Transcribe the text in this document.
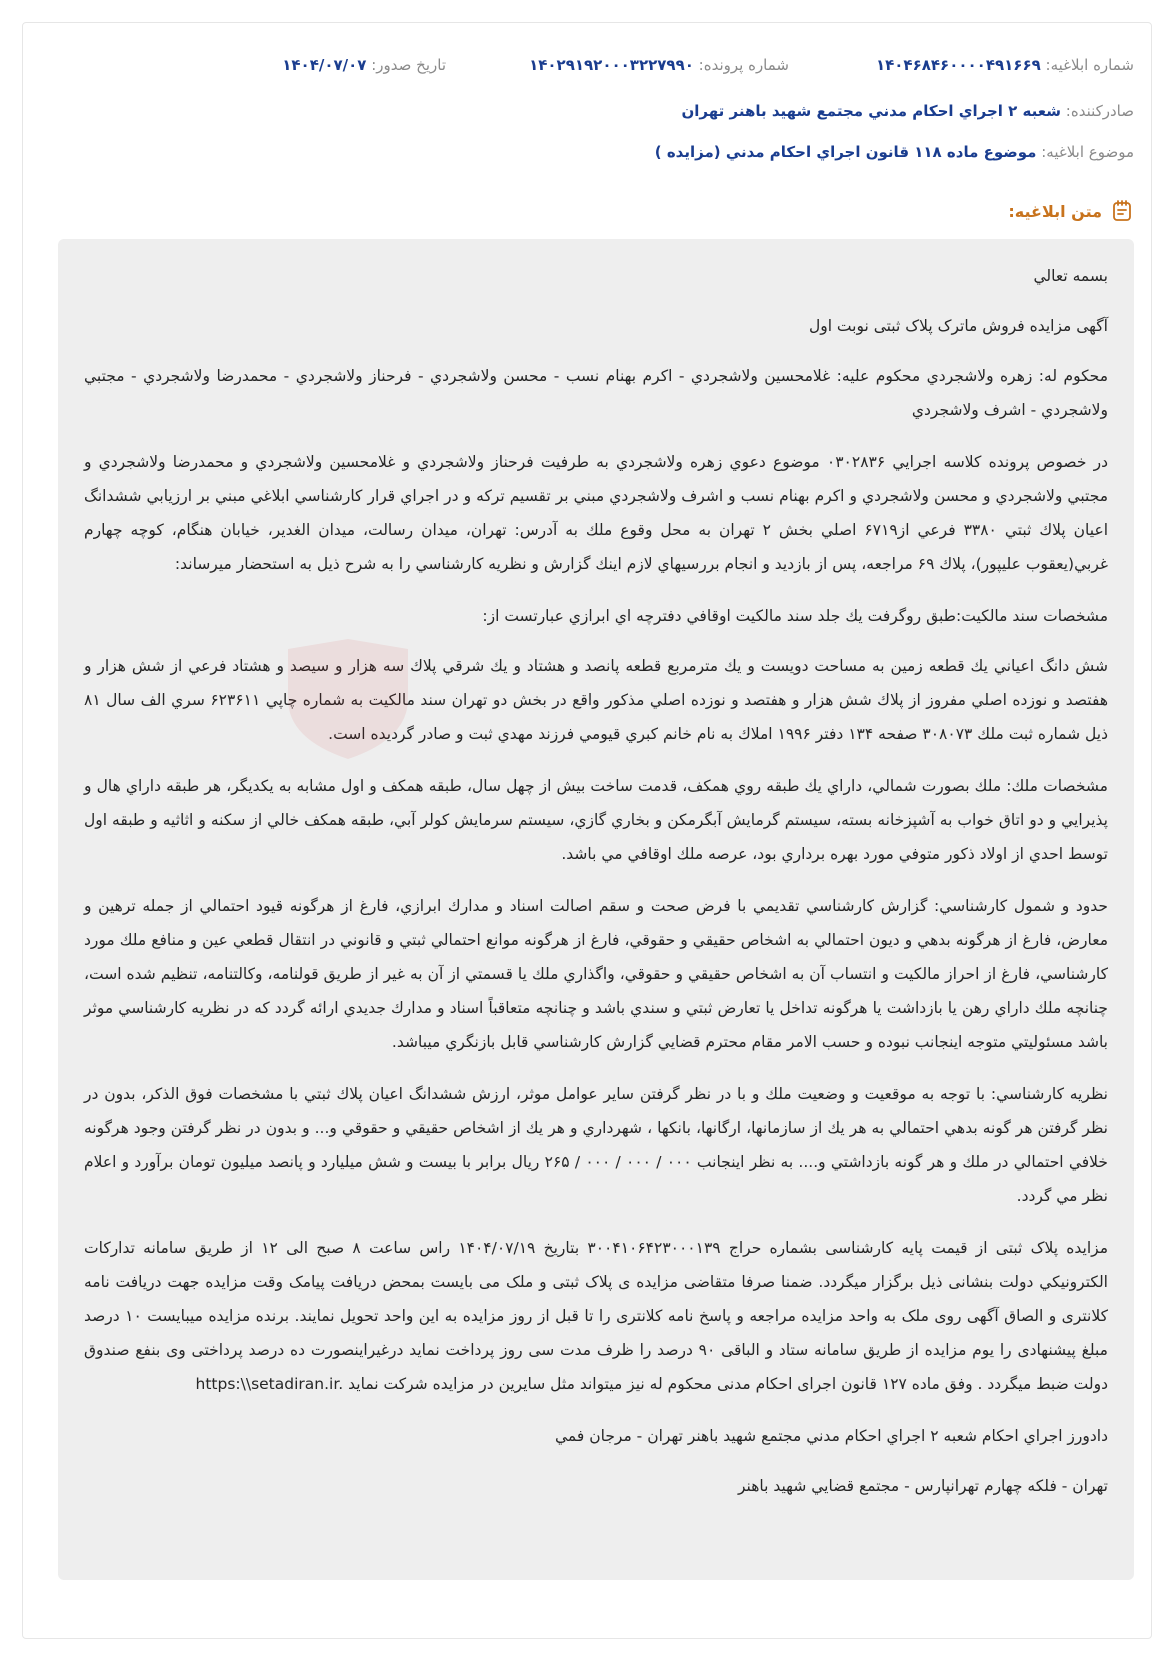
شماره ابلاغيه: ۱۴۰۴۶۸۴۶۰۰۰۰۴۹۱۶۶۹
شماره پرونده: ۱۴۰۲۹۱۹۲۰۰۰۳۲۲۷۹۹۰
تاريخ صدور: ۱۴۰۴/۰۷/۰۷
صادرکننده: شعبه ۲ اجراي احكام مدني مجتمع شهيد باهنر تهران
موضوع ابلاغيه: موضوع ماده ۱۱۸ قانون اجراي احكام مدني (مزايده )
متن ابلاغيه:

بسمه تعالي

آگهی مزایده فروش ماترک پلاک ثبتی نوبت اول

محکوم له: زهره ولاشجردي محکوم عليه: غلامحسين ولاشجردي - اکرم بهنام نسب - محسن ولاشجردي - فرحناز ولاشجردي - محمدرضا ولاشجردي - مجتبي ولاشجردي - اشرف ولاشجردي

در خصوص پرونده كلاسه اجرايي ۰۳۰۲۸۳۶ موضوع دعوي زهره ولاشجردي به طرفيت فرحناز ولاشجردي و غلامحسين ولاشجردي و محمدرضا ولاشجردي و مجتبي ولاشجردي و محسن ولاشجردي و اكرم بهنام نسب و اشرف ولاشجردي مبني بر تقسيم تركه و در اجراي قرار كارشناسي ابلاغي مبني بر ارزيابي ششدانگ اعيان پلاك ثبتي ۳۳۸۰ فرعي از۶۷۱۹ اصلي بخش ۲ تهران به محل وقوع ملك به آدرس: تهران، ميدان رسالت، ميدان الغدير، خيابان هنگام، كوچه چهارم غربي(يعقوب عليپور)، پلاك ۶۹ مراجعه، پس از بازديد و انجام بررسيهاي لازم اينك گزارش و نظريه كارشناسي را به شرح ذيل به استحضار ميرساند:

مشخصات سند مالكيت:طبق روگرفت يك جلد سند مالكيت اوقافي دفترچه اي ابرازي عبارتست از:

شش دانگ اعياني يك قطعه زمين به مساحت دويست و يك مترمربع قطعه پانصد و هشتاد و يك شرقي پلاك سه هزار و سيصد و هشتاد فرعي از شش هزار و هفتصد و نوزده اصلي مفروز از پلاك شش هزار و هفتصد و نوزده اصلي مذكور واقع در بخش دو تهران سند مالكيت به شماره چاپي ۶۲۳۶۱۱ سري الف سال ۸۱ ذيل شماره ثبت ملك ۳۰۸۰۷۳ صفحه ۱۳۴ دفتر ۱۹۹۶ املاك به نام خانم كبري قيومي فرزند مهدي ثبت و صادر گرديده است.

مشخصات ملك: ملك بصورت شمالي، داراي يك طبقه روي همكف، قدمت ساخت بيش از چهل سال، طبقه همكف و اول مشابه به يكديگر، هر طبقه داراي هال و پذيرايي و دو اتاق خواب به آشپزخانه بسته، سيستم گرمايش آبگرمكن و بخاري گازي، سيستم سرمايش كولر آبي، طبقه همكف خالي از سكنه و اثاثيه و طبقه اول توسط احدي از اولاد ذكور متوفي مورد بهره برداري بود، عرصه ملك اوقافي مي باشد.

حدود و شمول كارشناسي: گزارش كارشناسي تقديمي با فرض صحت و سقم اصالت اسناد و مدارك ابرازي، فارغ از هرگونه قيود احتمالي از جمله ترهين و معارض، فارغ از هرگونه بدهي و ديون احتمالي به اشخاص حقيقي و حقوقي، فارغ از هرگونه موانع احتمالي ثبتي و قانوني در انتقال قطعي عين و منافع ملك مورد كارشناسي، فارغ از احراز مالكيت و انتساب آن به اشخاص حقيقي و حقوقي، واگذاري ملك يا قسمتي از آن به غير از طريق قولنامه، وكالتنامه، تنظيم شده است، چنانچه ملك داراي رهن يا بازداشت يا هرگونه تداخل يا تعارض ثبتي و سندي باشد و چنانچه متعاقباً اسناد و مدارك جديدي ارائه گردد كه در نظريه كارشناسي موثر باشد مسئوليتي متوجه اينجانب نبوده و حسب الامر مقام محترم قضايي گزارش كارشناسي قابل بازنگري ميباشد.

نظريه كارشناسي: با توجه به موقعيت و وضعيت ملك و با در نظر گرفتن ساير عوامل موثر، ارزش ششدانگ اعيان پلاك ثبتي با مشخصات فوق الذكر، بدون در نظر گرفتن هر گونه بدهي احتمالي به هر يك از سازمانها، ارگانها، بانكها ، شهرداري و هر يك از اشخاص حقيقي و حقوقي و... و بدون در نظر گرفتن وجود هرگونه خلافي احتمالي در ملك و هر گونه بازداشتي و.... به نظر اينجانب ۰۰۰ / ۰۰۰ / ۰۰۰ / ۲۶۵ ريال برابر با بيست و شش ميليارد و پانصد ميليون تومان برآورد و اعلام نظر مي گردد.

مزایده پلاک ثبتی از قیمت پایه کارشناسی بشماره حراج ۱۳۹‏۳۰۰۴۱۰۶۴۲۳۰۰۰ بتاریخ ۱۴۰۴/۰۷/۱۹ راس ساعت ۸ صبح الی ۱۲ از طريق سامانه تداركات الكترونيكي دولت بنشانی ذیل برگزار میگردد. ضمنا صرفا متقاضی مزایده ی پلاک ثبتی و ملک می بایست بمحض دریافت پیامک وقت مزایده جهت دریافت نامه کلانتری و الصاق آگهی روی ملک به واحد مزایده مراجعه و پاسخ نامه کلانتری را تا قبل از روز مزایده به این واحد تحویل نمایند. برنده مزایده میبایست ۱۰ درصد مبلغ پیشنهادی را یوم مزایده از طریق سامانه ستاد و الباقی ۹۰ درصد را ظرف مدت سی روز پرداخت نماید درغیراینصورت ده درصد پرداختی وی بنفع صندوق دولت ضبط میگردد . وفق ماده ۱۲۷ قانون اجرای احکام مدنی محکوم له نیز میتواند مثل سایرین در مزایده شرکت نماید https:\\setadiran.ir.

دادورز اجراي احكام شعبه ۲ اجراي احكام مدني مجتمع شهيد باهنر تهران - مرجان فمي

تهران - فلكه چهارم تهرانپارس - مجتمع قضايي شهيد باهنر
